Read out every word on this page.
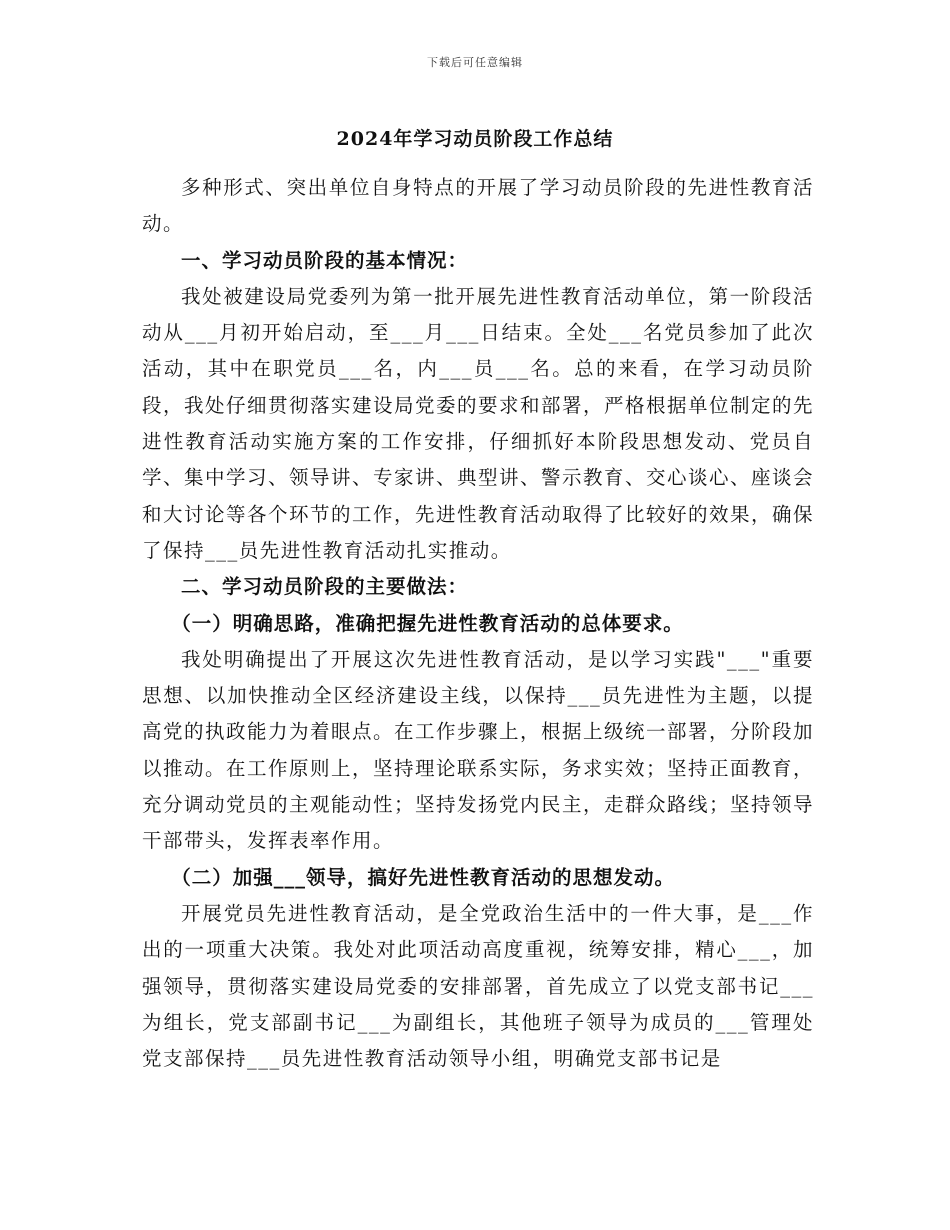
下载后可任意编辑
2024年学习动员阶段工作总结

多种形式、突出单位自身特点的开展了学习动员阶段的先进性教育活动。

一、学习动员阶段的基本情况：

我处被建设局党委列为第一批开展先进性教育活动单位，第一阶段活动从___月初开始启动，至___月___日结束。全处___名党员参加了此次活动，其中在职党员___名，内___员___名。总的来看，在学习动员阶段，我处仔细贯彻落实建设局党委的要求和部署，严格根据单位制定的先进性教育活动实施方案的工作安排，仔细抓好本阶段思想发动、党员自学、集中学习、领导讲、专家讲、典型讲、警示教育、交心谈心、座谈会和大讨论等各个环节的工作，先进性教育活动取得了比较好的效果，确保了保持___员先进性教育活动扎实推动。

二、学习动员阶段的主要做法：

（一）明确思路，准确把握先进性教育活动的总体要求。

我处明确提出了开展这次先进性教育活动，是以学习实践"___"重要思想、以加快推动全区经济建设主线，以保持___员先进性为主题，以提高党的执政能力为着眼点。在工作步骤上，根据上级统一部署，分阶段加以推动。在工作原则上，坚持理论联系实际，务求实效；坚持正面教育，充分调动党员的主观能动性；坚持发扬党内民主，走群众路线；坚持领导干部带头，发挥表率作用。

（二）加强___领导，搞好先进性教育活动的思想发动。

开展党员先进性教育活动，是全党政治生活中的一件大事，是___作出的一项重大决策。我处对此项活动高度重视，统筹安排，精心___，加强领导，贯彻落实建设局党委的安排部署，首先成立了以党支部书记___为组长，党支部副书记___为副组长，其他班子领导为成员的___管理处党支部保持___员先进性教育活动领导小组，明确党支部书记是
